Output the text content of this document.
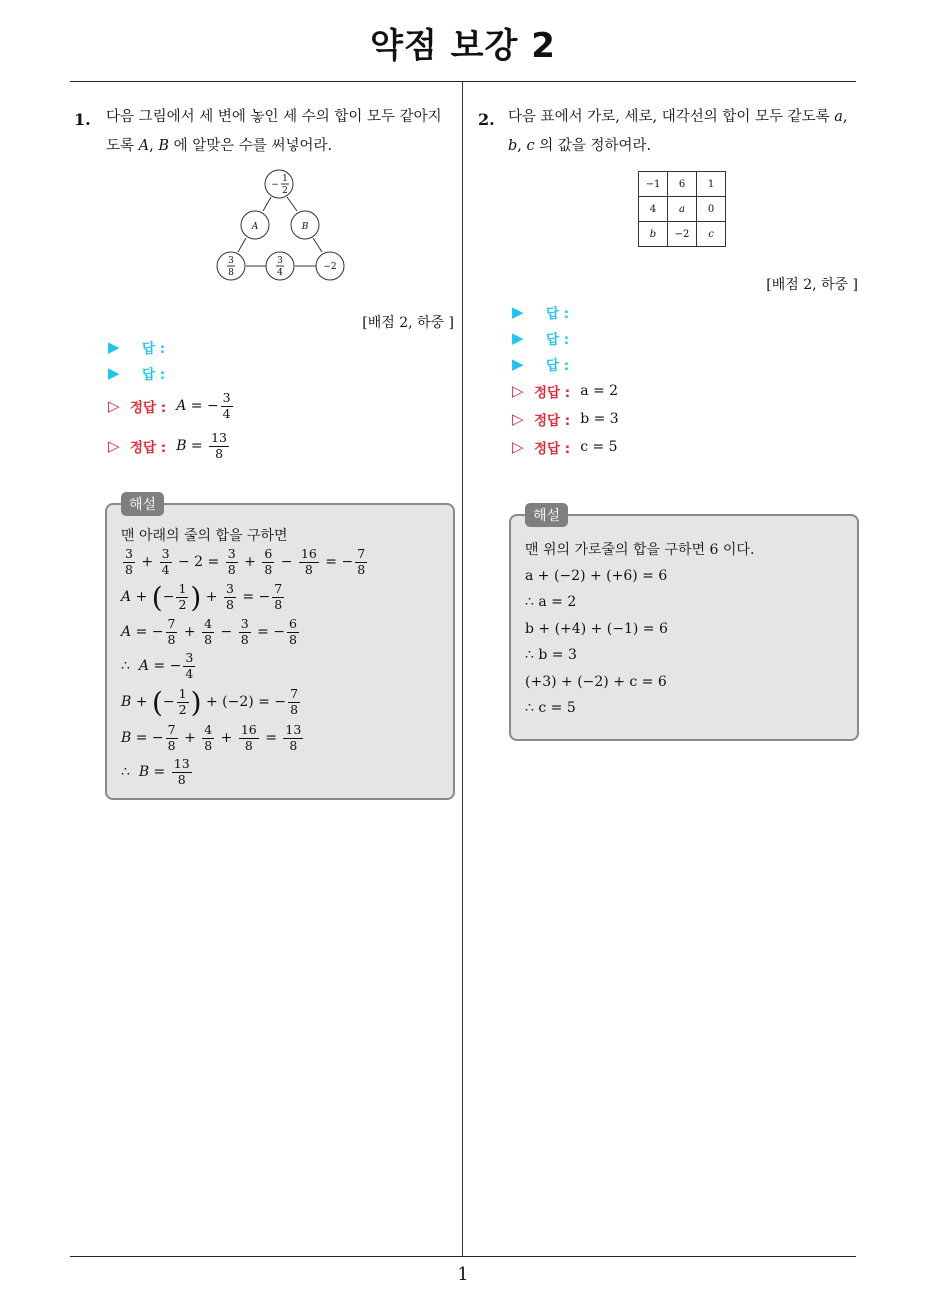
약점 보강 2
1. 다음 그림에서 세 변에 놓인 세 수의 합이 모두 같아지
도록 A, B 에 알맞은 수를 써넣어라.
−
1
2
A	B
3
8
3
4
−2
[배점 2, 하중 ]
▶	답 :
▶	답 :
▷ 정답 : A = − $\frac{3}{4}$
▷ 정답 : $B = \frac{13}{8}$
해설
맨 아래의 줄의 합을 구하면
$\frac{3}{8} + \frac{3}{4} - 2 = \frac{3}{8} + \frac{6}{8} - \frac{16}{8}$ = − $\frac{7}{8}$
A + ( − $\frac{1}{2}$ ) + $\frac{3}{8}$ = − $\frac{7}{8}$
A = − $\frac{7}{8} + \frac{4}{8} - \frac{3}{8}$ = − $\frac{6}{8}$
∴ A = − $\frac{3}{4}$
B + ( − $\frac{1}{2}$ ) + (−2) = − $\frac{7}{8}$
B = − $\frac{7}{8} + \frac{4}{8} + \frac{16}{8} = \frac{13}{8}$
∴ $B = \frac{13}{8}$
2. 다음 표에서 가로, 세로, 대각선의 합이 모두 같도록 a,
b, c 의 값을 정하여라.
−1	6	1
4	a	0
b	−2	c
[배점 2, 하중 ]
▶	답 :
▶	답 :
▶	답 :
▷ 정답 : a = 2
▷ 정답 : b = 3
▷ 정답 : c = 5
해설
맨 위의 가로줄의 합을 구하면 6 이다.
a + (−2) + (+6) = 6
∴ a = 2
b + (+4) + (−1) = 6
∴ b = 3
(+3) + (−2) + c = 6
∴ c = 5
1
